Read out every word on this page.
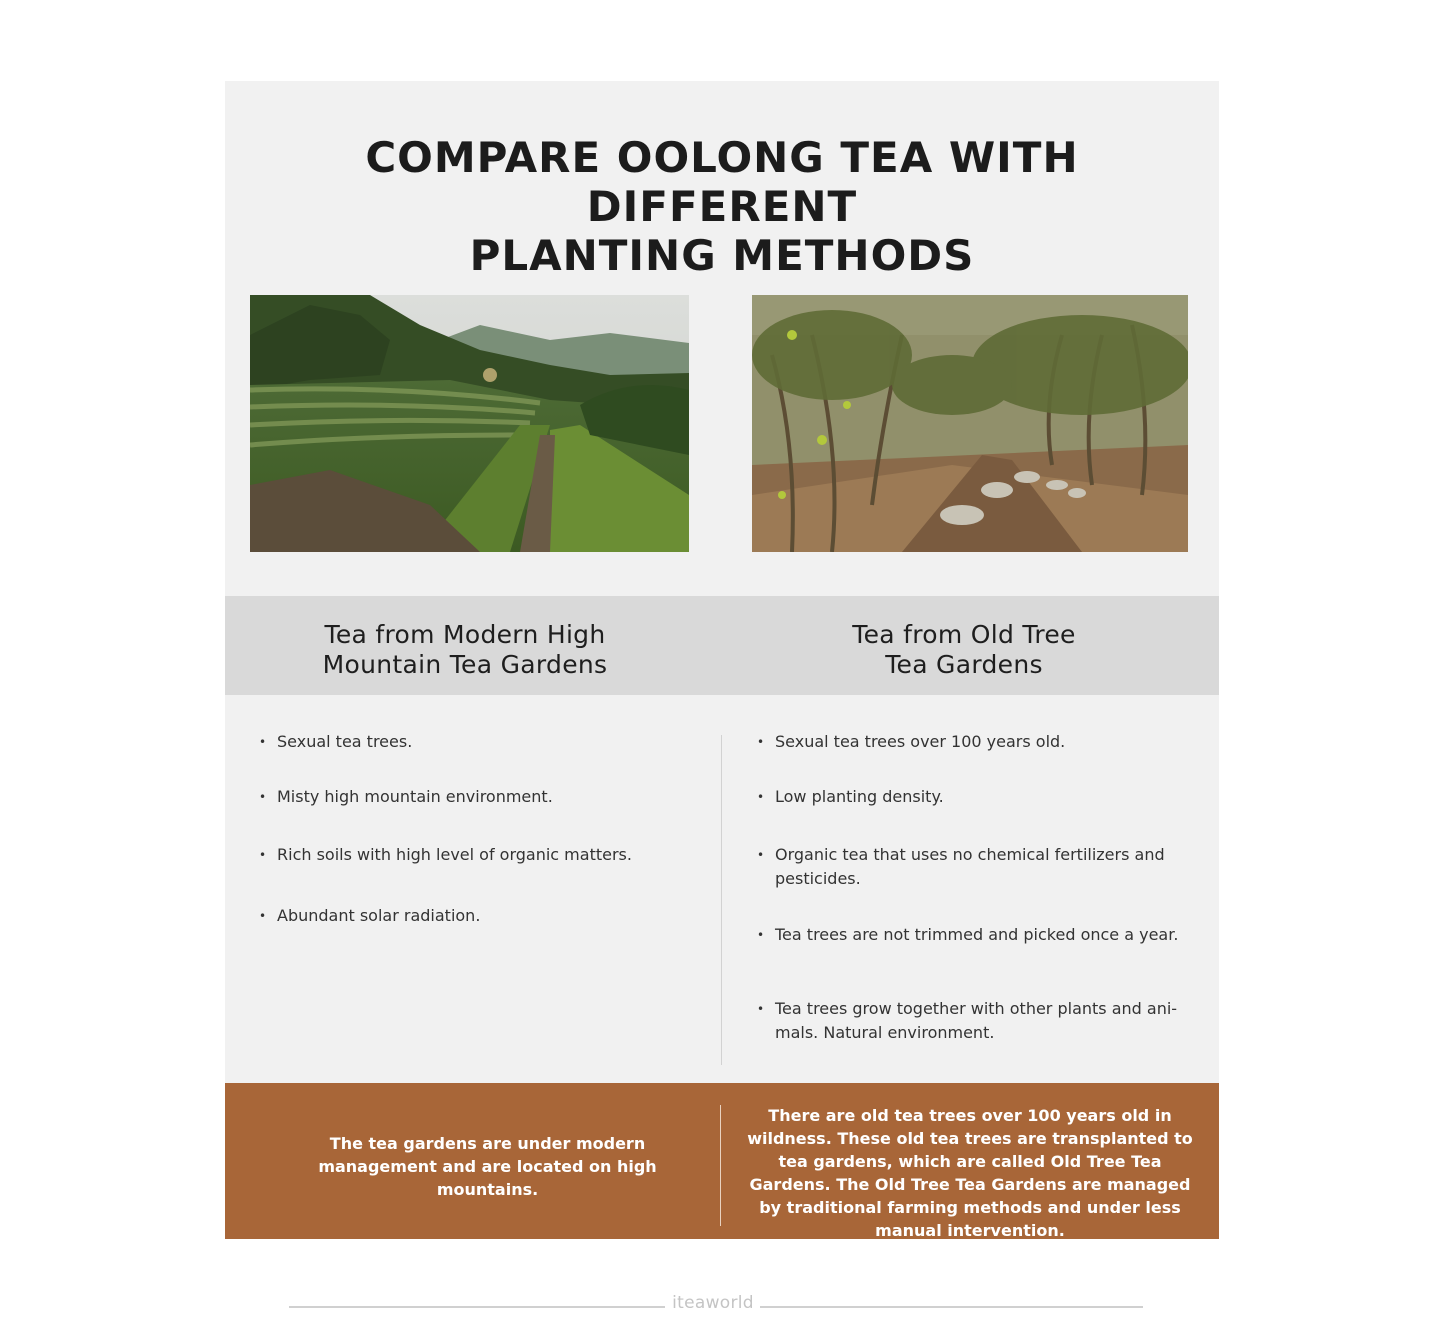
COMPARE OOLONG TEA WITH DIFFERENT
PLANTING METHODS
Tea from Modern High
Mountain Tea Gardens
Tea from Old Tree
Tea Gardens
• Sexual tea trees.
• Misty high mountain environment.
• Rich soils with high level of organic matters.
• Abundant solar radiation.
• Sexual tea trees over 100 years old.
• Low planting density.
• Organic tea that uses no chemical fertilizers and pesticides.
• Tea trees are not trimmed and picked once a year.
• Tea trees grow together with other plants and ani-mals. Natural environment.

The tea gardens are under modern management and are located on high mountains.

There are old tea trees over 100 years old in wildness. These old tea trees are transplanted to tea gardens, which are called Old Tree Tea Gardens. The Old Tree Tea Gardens are managed by traditional farming methods and under less manual intervention.

iteaworld
